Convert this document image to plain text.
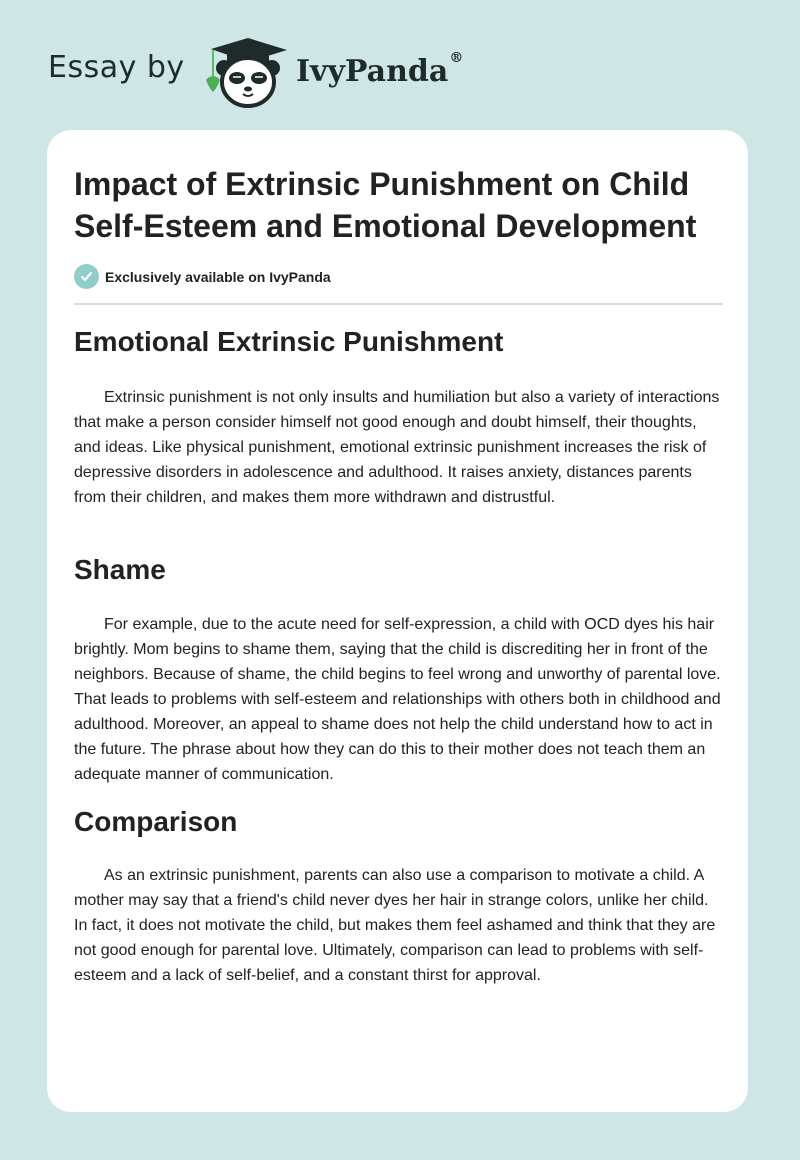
Essay by	IvyPanda®
Impact of Extrinsic Punishment on Child Self-Esteem and Emotional Development
Exclusively available on IvyPanda
Emotional Extrinsic Punishment

Extrinsic punishment is not only insults and humiliation but also a variety of interactions that make a person consider himself not good enough and doubt himself, their thoughts, and ideas. Like physical punishment, emotional extrinsic punishment increases the risk of depressive disorders in adolescence and adulthood. It raises anxiety, distances parents from their children, and makes them more withdrawn and distrustful.

Shame

For example, due to the acute need for self-expression, a child with OCD dyes his hair brightly. Mom begins to shame them, saying that the child is discrediting her in front of the neighbors. Because of shame, the child begins to feel wrong and unworthy of parental love. That leads to problems with self-esteem and relationships with others both in childhood and adulthood. Moreover, an appeal to shame does not help the child understand how to act in the future. The phrase about how they can do this to their mother does not teach them an adequate manner of communication.

Comparison

As an extrinsic punishment, parents can also use a comparison to motivate a child. A mother may say that a friend's child never dyes her hair in strange colors, unlike her child. In fact, it does not motivate the child, but makes them feel ashamed and think that they are not good enough for parental love. Ultimately, comparison can lead to problems with self-esteem and a lack of self-belief, and a constant thirst for approval.
